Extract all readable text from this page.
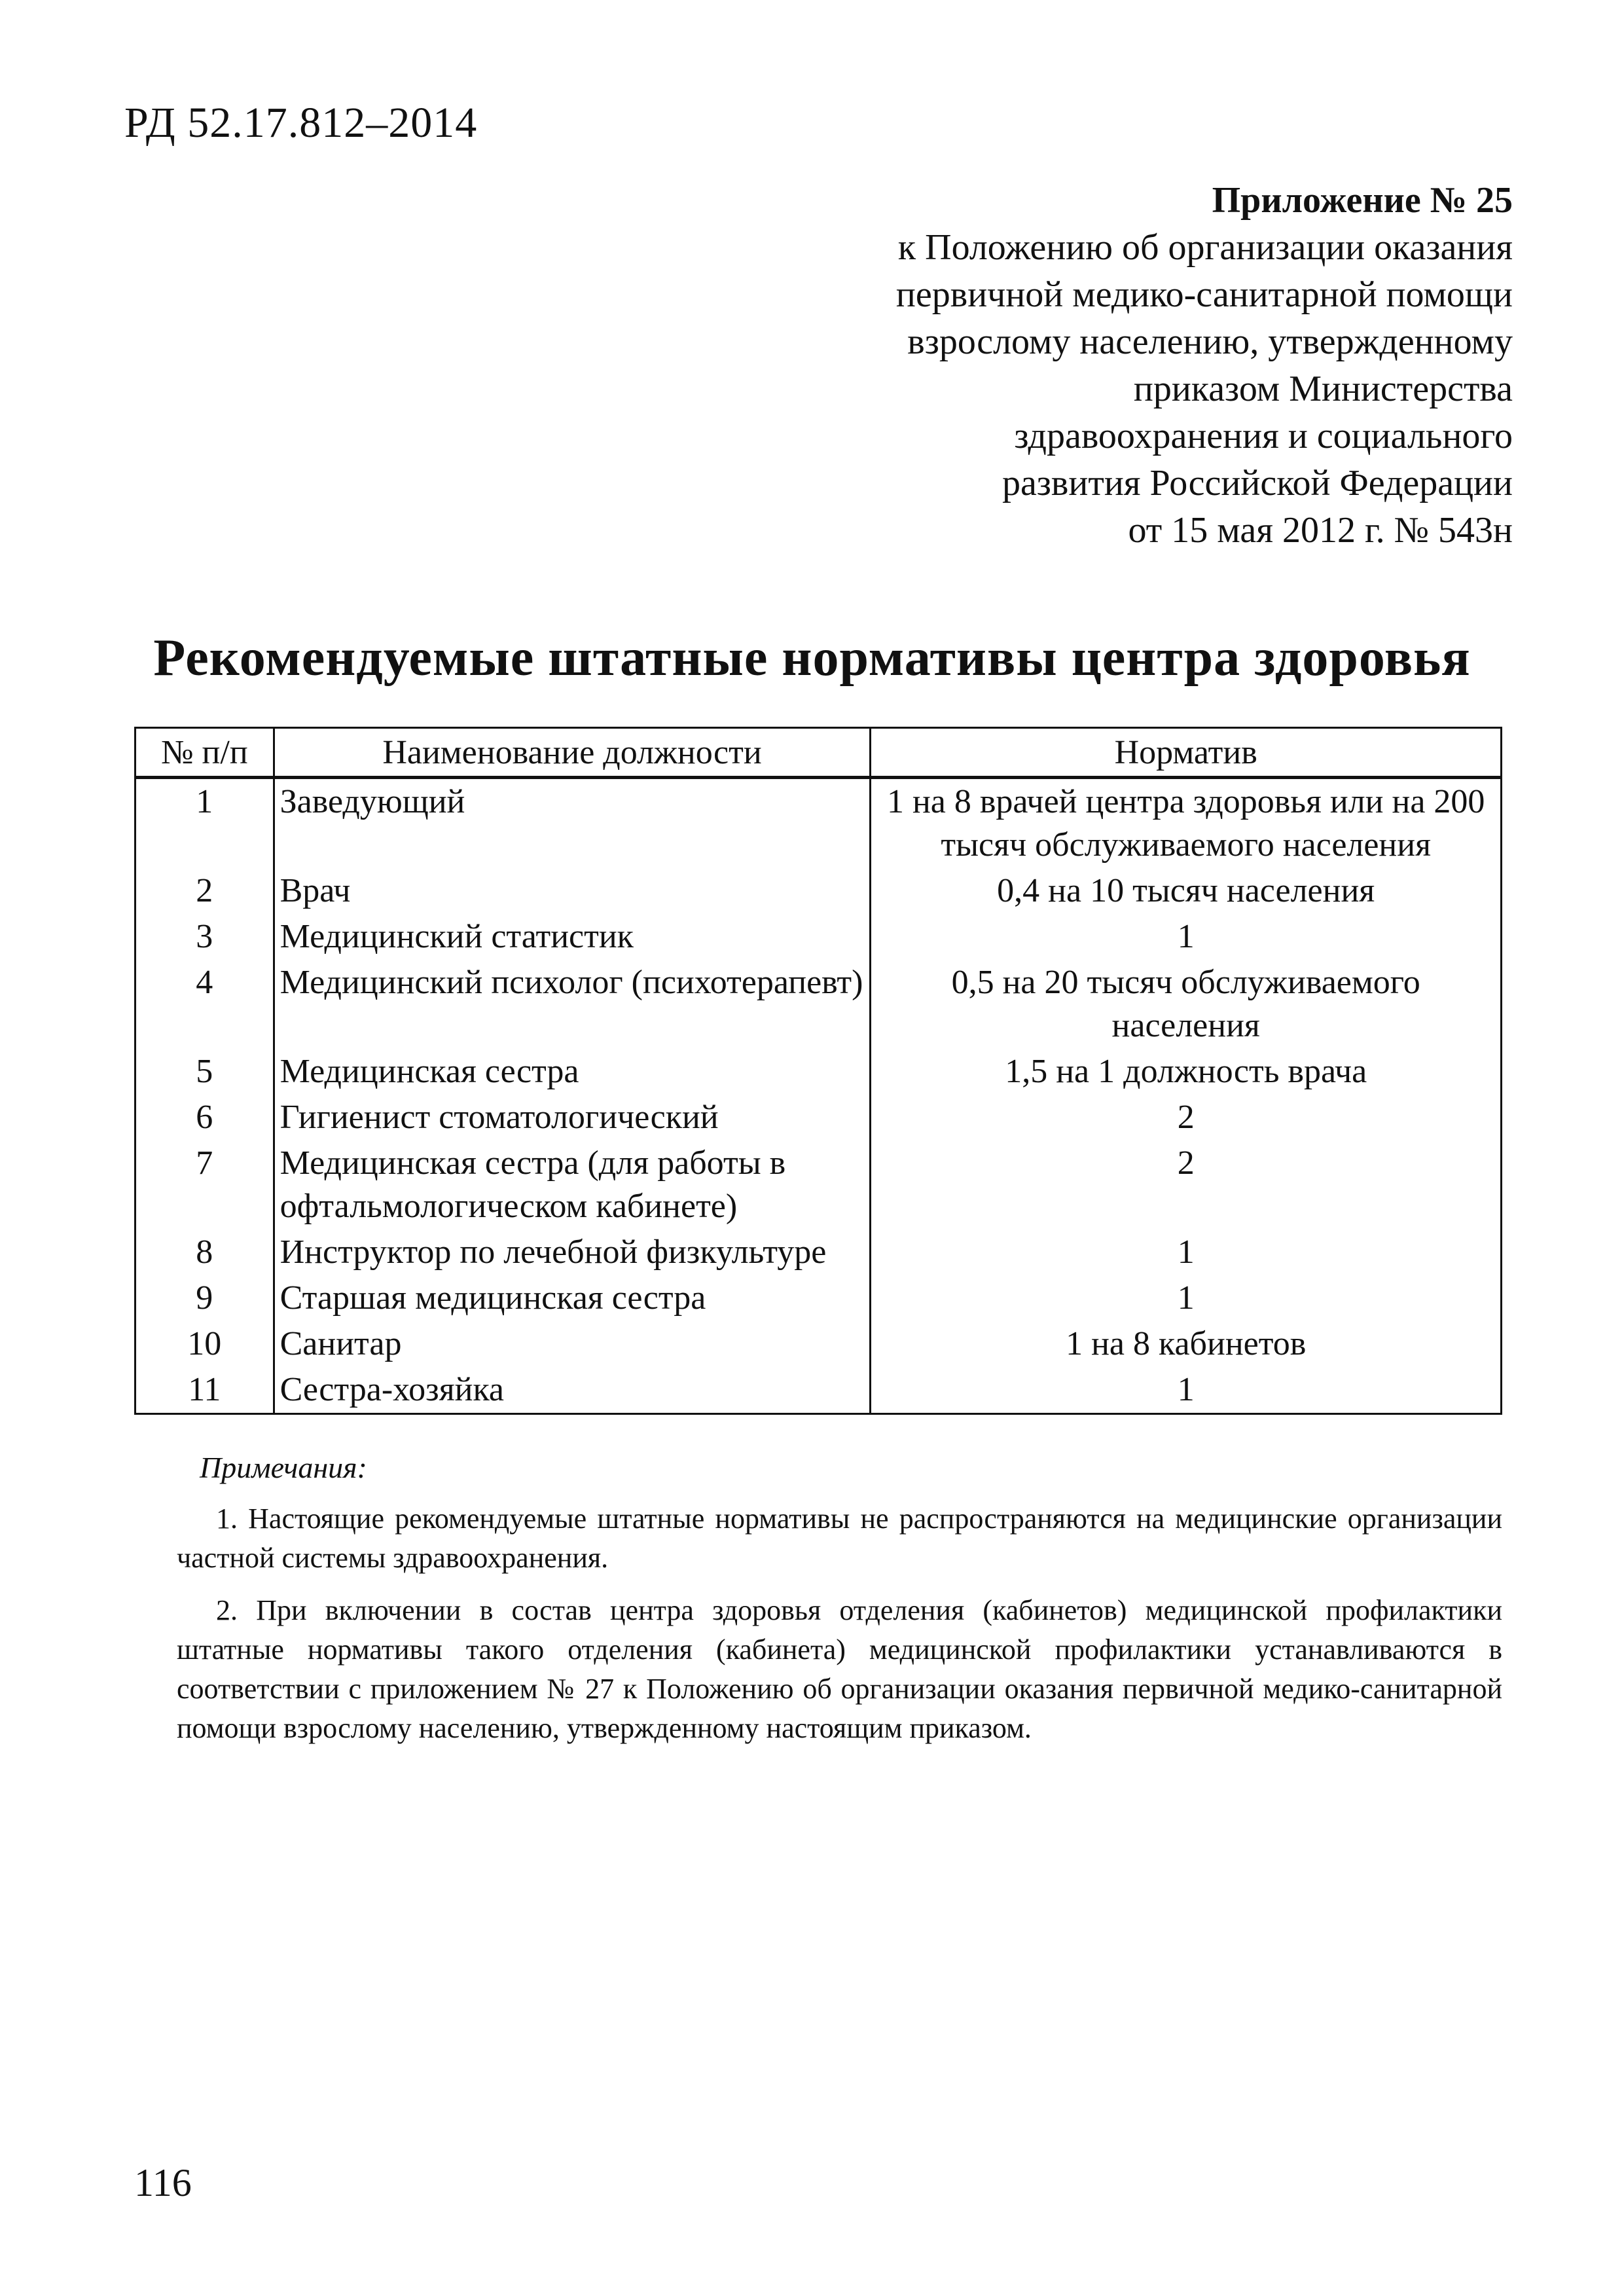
РД 52.17.812–2014
Приложение № 25
к Положению об организации оказания
первичной медико-санитарной помощи
взрослому населению, утвержденному
приказом Министерства
здравоохранения и социального
развития Российской Федерации
от 15 мая 2012 г. № 543н
Рекомендуемые штатные нормативы центра здоровья
№ п/п	Наименование должности	Норматив
1	Заведующий	1 на 8 врачей центра здоровья или на 200 тысяч обслуживаемого населения
2	Врач	0,4 на 10 тысяч населения
3	Медицинский статистик	1
4	Медицинский психолог (психотерапевт)	0,5 на 20 тысяч обслуживаемого населения
5	Медицинская сестра	1,5 на 1 должность врача
6	Гигиенист стоматологический	2
7	Медицинская сестра (для работы в офтальмологическом кабинете)	2
8	Инструктор по лечебной физкультуре	1
9	Старшая медицинская сестра	1
10	Санитар	1 на 8 кабинетов
11	Сестра-хозяйка	1
Примечания:
1. Настоящие рекомендуемые штатные нормативы не распространяются на медицинские организации частной системы здравоохранения.
2. При включении в состав центра здоровья отделения (кабинетов) медицинской профилактики штатные нормативы такого отделения (кабинета) медицинской профилактики устанавливаются в соответствии с приложением № 27 к Положению об организации оказания первичной медико-санитарной помощи взрослому населению, утвержденному настоящим приказом.
116
